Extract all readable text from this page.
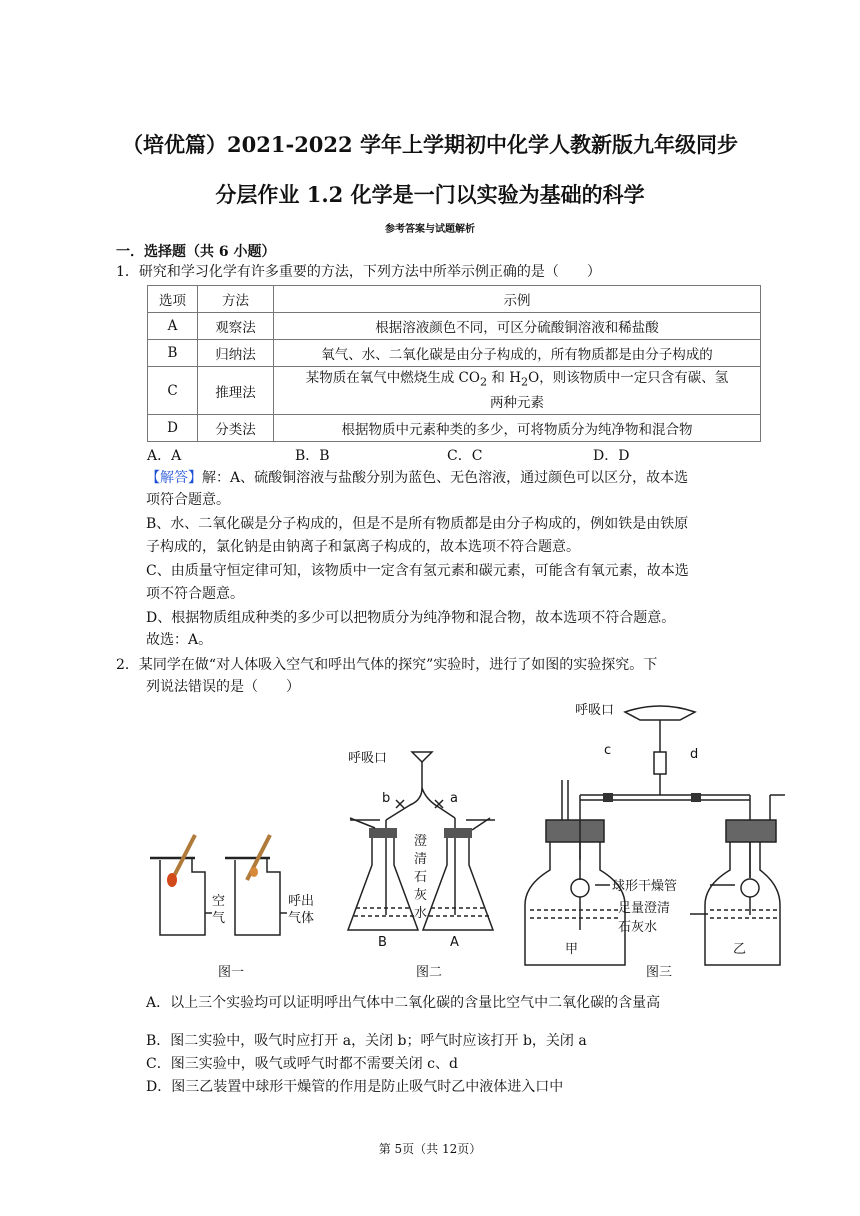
（培优篇）2021-2022 学年上学期初中化学人教新版九年级同步
分层作业 1.2 化学是一门以实验为基础的科学
参考答案与试题解析
一．选择题（共 6 小题）
1．研究和学习化学有许多重要的方法，下列方法中所举示例正确的是（　　）
选项	方法	示例
A	观察法	根据溶液颜色不同，可区分硫酸铜溶液和稀盐酸
B	归纳法	氧气、水、二氧化碳是由分子构成的，所有物质都是由分子构成的
C	推理法	某物质在氧气中燃烧生成 $CO_2$ 和 $H_2O$，则该物质中一定只含有碳、氢
两种元素
D	分类法	根据物质中元素种类的多少，可将物质分为纯净物和混合物
A．A	B．B	C．C	D．D
【解答】解：A、硫酸铜溶液与盐酸分别为蓝色、无色溶液，通过颜色可以区分，故本选
项符合题意。
B、水、二氧化碳是分子构成的，但是不是所有物质都是由分子构成的，例如铁是由铁原
子构成的，氯化钠是由钠离子和氯离子构成的，故本选项不符合题意。
C、由质量守恒定律可知，该物质中一定含有氢元素和碳元素，可能含有氧元素，故本选
项不符合题意。
D、根据物质组成种类的多少可以把物质分为纯净物和混合物，故本选项不符合题意。
故选：A。
2．某同学在做“对人体吸入空气和呼出气体的探究”实验时，进行了如图的实验探究。下
列说法错误的是（　　）
空
气
呼出
气体
呼吸口
b	a
澄
清
石
灰
水
B	A
呼吸口
c	d
球形干燥管
足量澄清
石灰水
甲	乙
图一	图二	图三
A．以上三个实验均可以证明呼出气体中二氧化碳的含量比空气中二氧化碳的含量高
B．图二实验中，吸气时应打开 a，关闭 b；呼气时应该打开 b，关闭 a
C．图三实验中，吸气或呼气时都不需要关闭 c、d
D．图三乙装置中球形干燥管的作用是防止吸气时乙中液体进入口中
第 5页（共 12页）
